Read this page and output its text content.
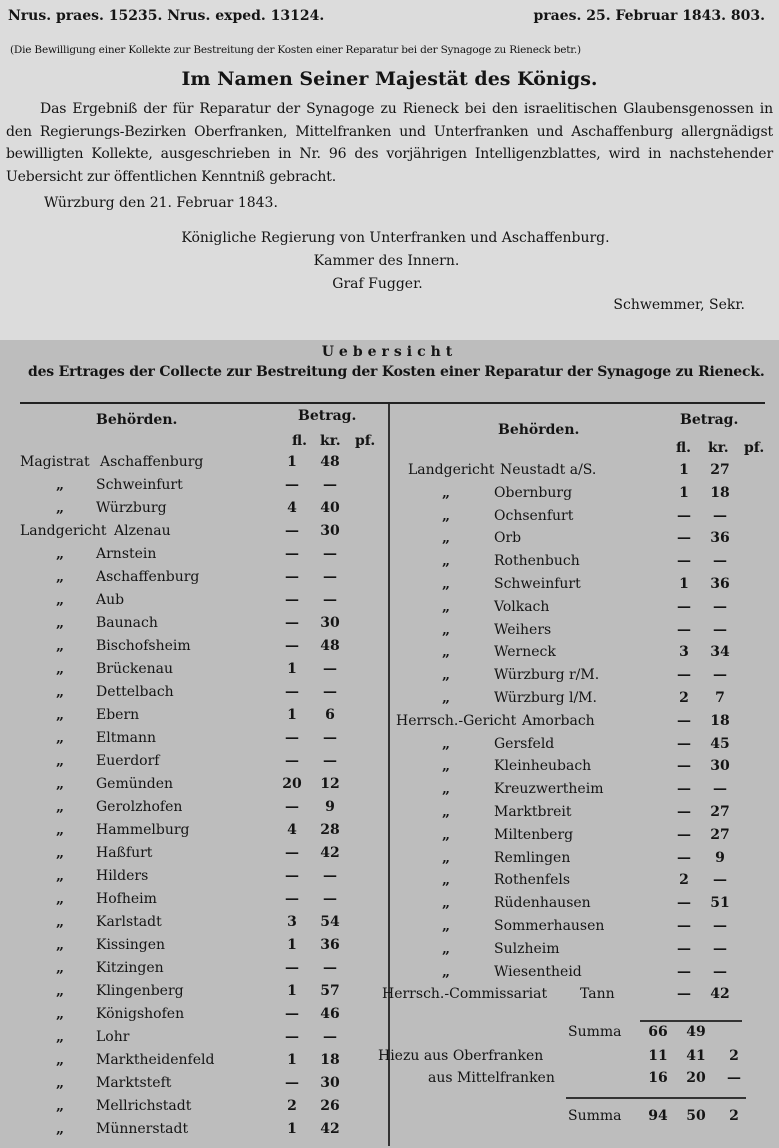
Nrus. praes. 15235. Nrus. exped. 13124.	praes. 25. Februar 1843. 803.
(Die Bewilligung einer Kollekte zur Bestreitung der Kosten einer Reparatur bei der Synagoge zu Rieneck betr.)
Im Namen Seiner Majestät des Königs.

Das Ergebniß der für Reparatur der Synagoge zu Rieneck bei den israelitischen Glaubensgenossen in den Regierungs-Bezirken Oberfranken, Mittelfranken und Unterfranken und Aschaffenburg allergnädigst bewilligten Kollekte, ausgeschrieben in Nr. 96 des vorjährigen Intelligenzblattes, wird in nachstehender Uebersicht zur öffentlichen Kenntniß gebracht.

Würzburg den 21. Februar 1843.
Königliche Regierung von Unterfranken und Aschaffenburg.
Kammer des Innern.
Graf Fugger.
Schwemmer, Sekr.
Uebersicht
des Ertrages der Collecte zur Bestreitung der Kosten einer Reparatur der Synagoge zu Rieneck.
Behörden.	Betrag.
fl. kr. pf.
Behörden.
Betrag.
fl. kr. pf.
Magistrat Aschaffenburg	1	48
„ Schweinfurt	—	—
„ Würzburg	4	40
Landgericht Alzenau	—	30
„ Arnstein	—	—
„ Aschaffenburg	—	—
„ Aub	—	—
„ Baunach	—	30
„ Bischofsheim	—	48
„ Brückenau	1	—
„ Dettelbach	—	—
„ Ebern	1	6
„ Eltmann	—	—
„ Euerdorf	—	—
„ Gemünden	20	12
„ Gerolzhofen	—	9
„ Hammelburg	4	28
„ Haßfurt	—	42
„ Hilders	—	—
„ Hofheim	—	—
„ Karlstadt	3	54
„ Kissingen	1	36
„ Kitzingen	—	—
„ Klingenberg	1	57
„ Königshofen	—	46
„ Lohr	—	—
„ Marktheidenfeld	1	18
„ Marktsteft	—	30
„ Mellrichstadt	2	26
„ Münnerstadt	1	42
Landgericht Neustadt a/S.	1	27
„	Obernburg	1	18
„	Ochsenfurt	—	—
„	Orb	—	36
„	Rothenbuch	—	—
„	Schweinfurt	1	36
„	Volkach	—	—
„	Weihers	—	—
„	Werneck	3	34
„	Würzburg r/M.	—	—
„	Würzburg l/M.	2	7
Herrsch.-Gericht Amorbach	—	18
„	Gersfeld	—	45
„	Kleinheubach	—	30
„	Kreuzwertheim	—	—
„	Marktbreit	—	27
„	Miltenberg	—	27
„	Remlingen	—	9
„	Rothenfels	2	—
„	Rüdenhausen	—	51
„	Sommerhausen	—	—
„	Sulzheim	—	—
„	Wiesentheid	—	—
Herrsch.-Commissariat Tann	—	42
Summa	66	49
Hiezu aus Oberfranken	11	41	2
aus Mittelfranken	16	20	—
Summa	94	50	2
